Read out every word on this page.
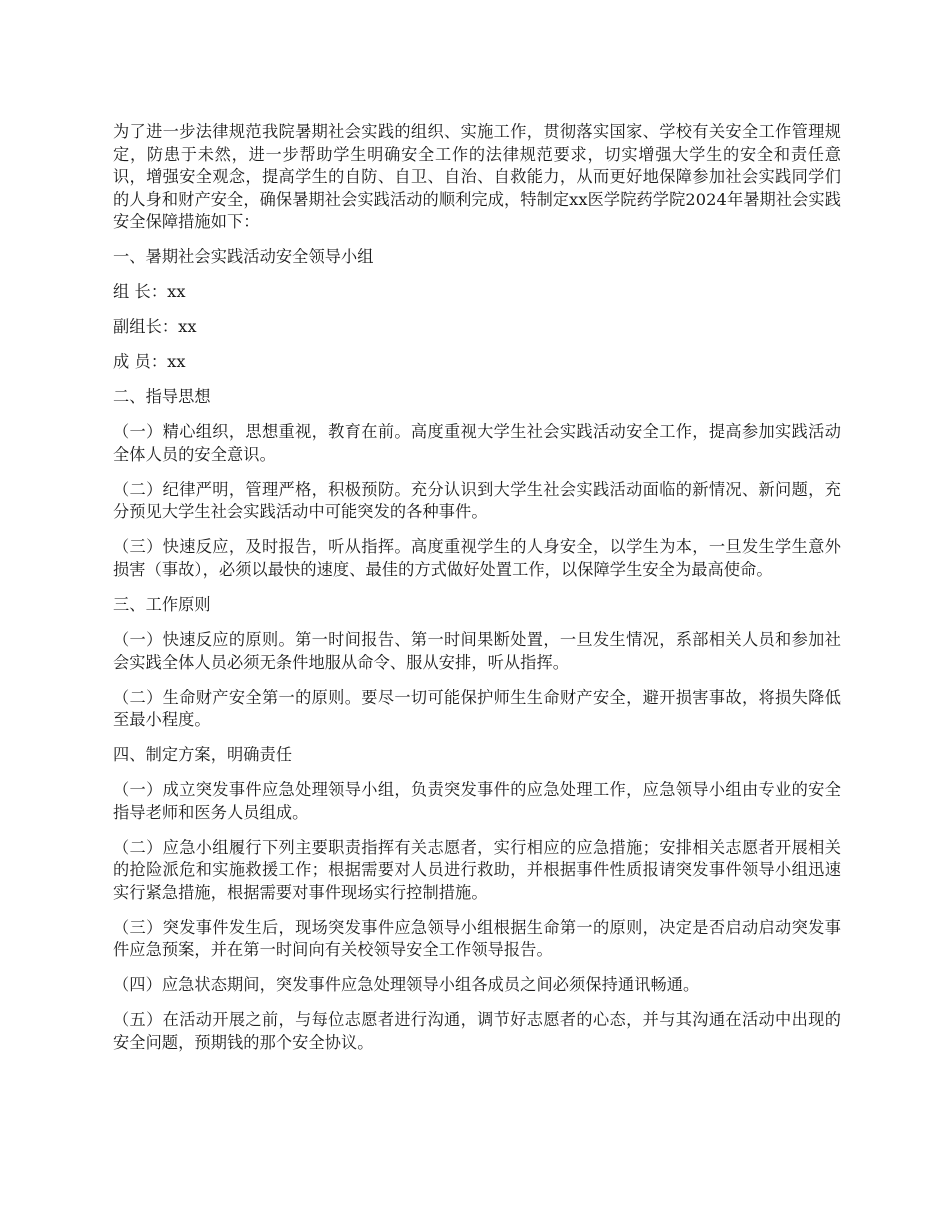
为了进一步法律规范我院暑期社会实践的组织、实施工作，贯彻落实国家、学校有关安全工作管理规定，防患于未然，进一步帮助学生明确安全工作的法律规范要求，切实增强大学生的安全和责任意识，增强安全观念，提高学生的自防、自卫、自治、自救能力，从而更好地保障参加社会实践同学们的人身和财产安全，确保暑期社会实践活动的顺利完成，特制定xx医学院药学院2024年暑期社会实践安全保障措施如下：

一、暑期社会实践活动安全领导小组

组 长：xx

副组长：xx

成 员：xx

二、指导思想

（一）精心组织，思想重视，教育在前。高度重视大学生社会实践活动安全工作，提高参加实践活动全体人员的安全意识。

（二）纪律严明，管理严格，积极预防。充分认识到大学生社会实践活动面临的新情况、新问题，充分预见大学生社会实践活动中可能突发的各种事件。

（三）快速反应，及时报告，听从指挥。高度重视学生的人身安全，以学生为本，一旦发生学生意外损害（事故），必须以最快的速度、最佳的方式做好处置工作，以保障学生安全为最高使命。

三、工作原则

（一）快速反应的原则。第一时间报告、第一时间果断处置，一旦发生情况，系部相关人员和参加社会实践全体人员必须无条件地服从命令、服从安排，听从指挥。

（二）生命财产安全第一的原则。要尽一切可能保护师生生命财产安全，避开损害事故，将损失降低至最小程度。

四、制定方案，明确责任

（一）成立突发事件应急处理领导小组，负责突发事件的应急处理工作，应急领导小组由专业的安全指导老师和医务人员组成。

（二）应急小组履行下列主要职责指挥有关志愿者，实行相应的应急措施；安排相关志愿者开展相关的抢险派危和实施救援工作；根据需要对人员进行救助，并根据事件性质报请突发事件领导小组迅速实行紧急措施，根据需要对事件现场实行控制措施。

（三）突发事件发生后，现场突发事件应急领导小组根据生命第一的原则，决定是否启动启动突发事件应急预案，并在第一时间向有关校领导安全工作领导报告。

（四）应急状态期间，突发事件应急处理领导小组各成员之间必须保持通讯畅通。

（五）在活动开展之前，与每位志愿者进行沟通，调节好志愿者的心态，并与其沟通在活动中出现的安全问题，预期钱的那个安全协议。
